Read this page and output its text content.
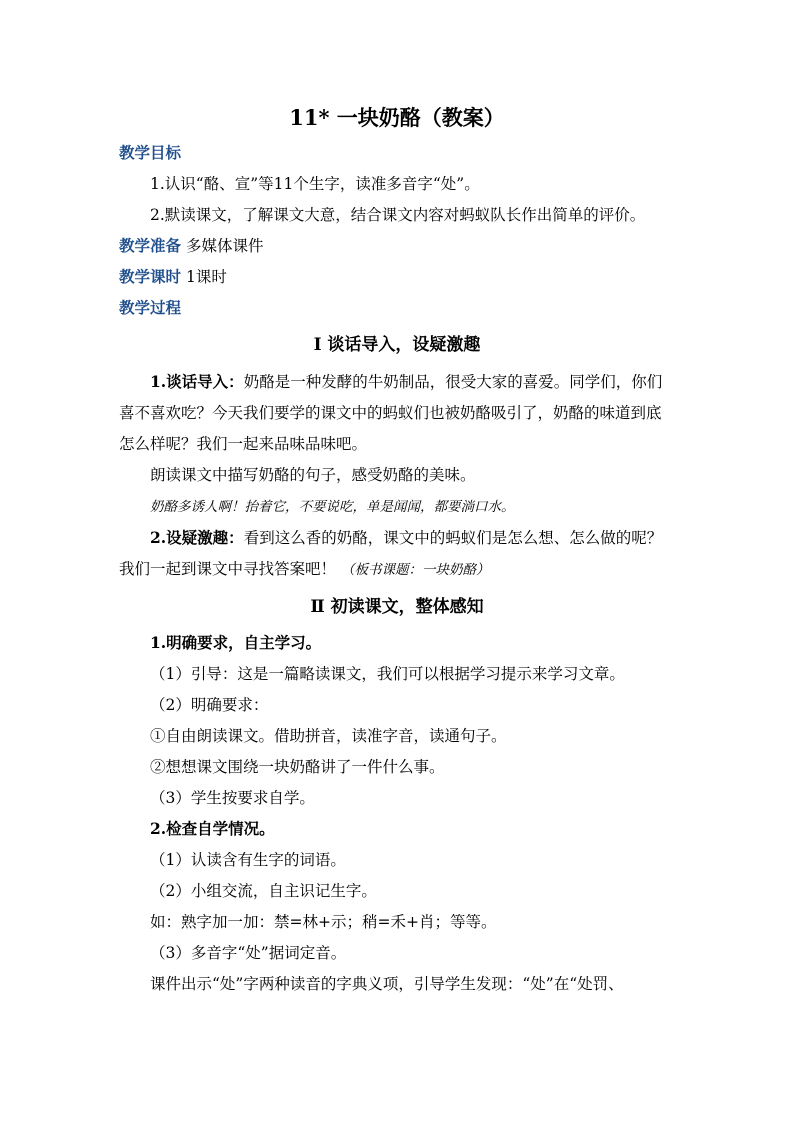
11* 一块奶酪（教案）
教学目标
1.认识“酪、宣”等11个生字，读准多音字“处”。
2.默读课文，了解课文大意，结合课文内容对蚂蚁队长作出简单的评价。
教学准备 多媒体课件
教学课时 1课时
教学过程
Ⅰ 谈话导入，设疑激趣
1.谈话导入：奶酪是一种发酵的牛奶制品，很受大家的喜爱。同学们，你们
喜不喜欢吃？今天我们要学的课文中的蚂蚁们也被奶酪吸引了，奶酪的味道到底
怎么样呢？我们一起来品味品味吧。
朗读课文中描写奶酪的句子，感受奶酪的美味。
奶酪多诱人啊！抬着它，不要说吃，单是闻闻，都要淌口水。
2.设疑激趣：看到这么香的奶酪，课文中的蚂蚁们是怎么想、怎么做的呢？
我们一起到课文中寻找答案吧！ （板书课题：一块奶酪）
Ⅱ 初读课文，整体感知
1.明确要求，自主学习。
（1）引导：这是一篇略读课文，我们可以根据学习提示来学习文章。
（2）明确要求：
①自由朗读课文。借助拼音，读准字音，读通句子。
②想想课文围绕一块奶酪讲了一件什么事。
（3）学生按要求自学。
2.检查自学情况。
（1）认读含有生字的词语。
（2）小组交流，自主识记生字。
如：熟字加一加：禁=林+示；稍=禾+肖；等等。
（3）多音字“处”据词定音。
课件出示“处”字两种读音的字典义项，引导学生发现：“处”在“处罚、
